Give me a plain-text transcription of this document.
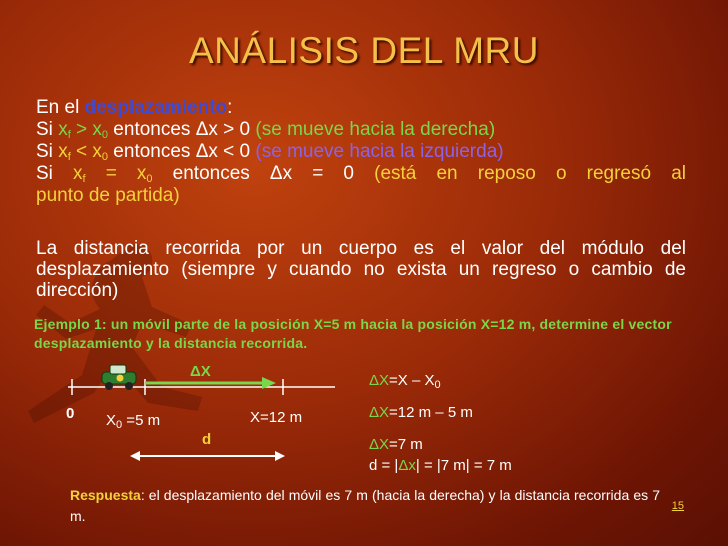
ANÁLISIS DEL MRU
En el desplazamiento:
Si $x_f > x_0$ entonces Δx > 0 (se mueve hacia la derecha)
Si $x_f < x_0$ entonces Δx < 0 (se mueve hacia la izquierda)
Si $x_f = x_0$ entonces Δx = 0 (está en reposo o regresó al
punto de partida)
La distancia recorrida por un cuerpo es el valor del módulo del desplazamiento (siempre y cuando no exista un regreso o cambio de dirección)
Ejemplo 1: un móvil parte de la posición X=5 m hacia la posición X=12 m, determine el vector desplazamiento y la distancia recorrida.
ΔX
0 $X_0 =5$ m	X=12 m
d
$\Delta X=X - X_0$
ΔX=12 m – 5 m
ΔX=7 m
d = |Δx| = |7 m| = 7 m
Respuesta: el desplazamiento del móvil es 7 m (hacia la derecha) y la distancia recorrida es 7 m.
15
